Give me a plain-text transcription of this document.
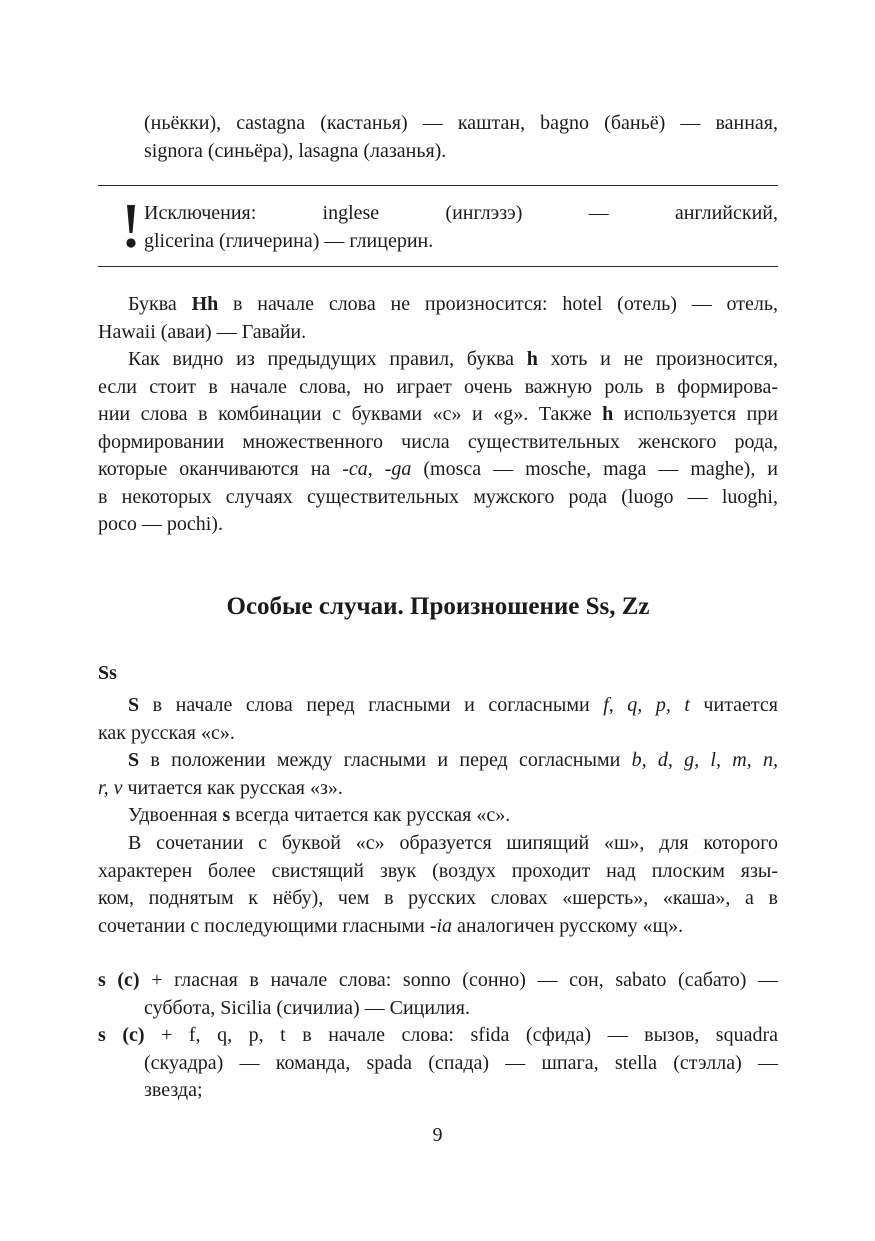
(ньёкки), castagna (кастанья) — каштан, bagno (баньё) — ванная,

signora (синьёра), lasagna (лазанья).

Исключения: inglese (инглэзэ) — английский,

glicerina (гличерина) — глицерин.

Буква Hh в начале слова не произносится: hotel (отель) — отель,

Hawaii (аваи) — Гавайи.

Как видно из предыдущих правил, буква h хоть и не произносится,

если стоит в начале слова, но играет очень важную роль в формирова-

нии слова в комбинации с буквами «c» и «g». Также h используется при

формировании множественного числа существительных женского рода,

которые оканчиваются на -ca, -ga (mosca — mosche, maga — maghe), и

в некоторых случаях существительных мужского рода (luogo — luoghi,

poco — pochi).

Особые случаи. Произношение Ss, Zz

Ss

S в начале слова перед гласными и согласными f, q, p, t читается

как русская «с».

S в положении между гласными и перед согласными b, d, g, l, m, n,

r, v читается как русская «з».

Удвоенная s всегда читается как русская «с».

В сочетании с буквой «c» образуется шипящий «ш», для которого

характерен более свистящий звук (воздух проходит над плоским язы-

ком, поднятым к нёбу), чем в русских словах «шерсть», «каша», а в

сочетании с последующими гласными -ia аналогичен русскому «щ».

s (с) + гласная в начале слова: sonno (сонно) — сон, sabato (сабато) —

суббота, Sicilia (сичилиа) — Сицилия.

s (с) + f, q, p, t в начале слова: sfida (сфида) — вызов, squadra

(скуадра) — команда, spada (спада) — шпага, stella (стэлла) —

звезда;

9
